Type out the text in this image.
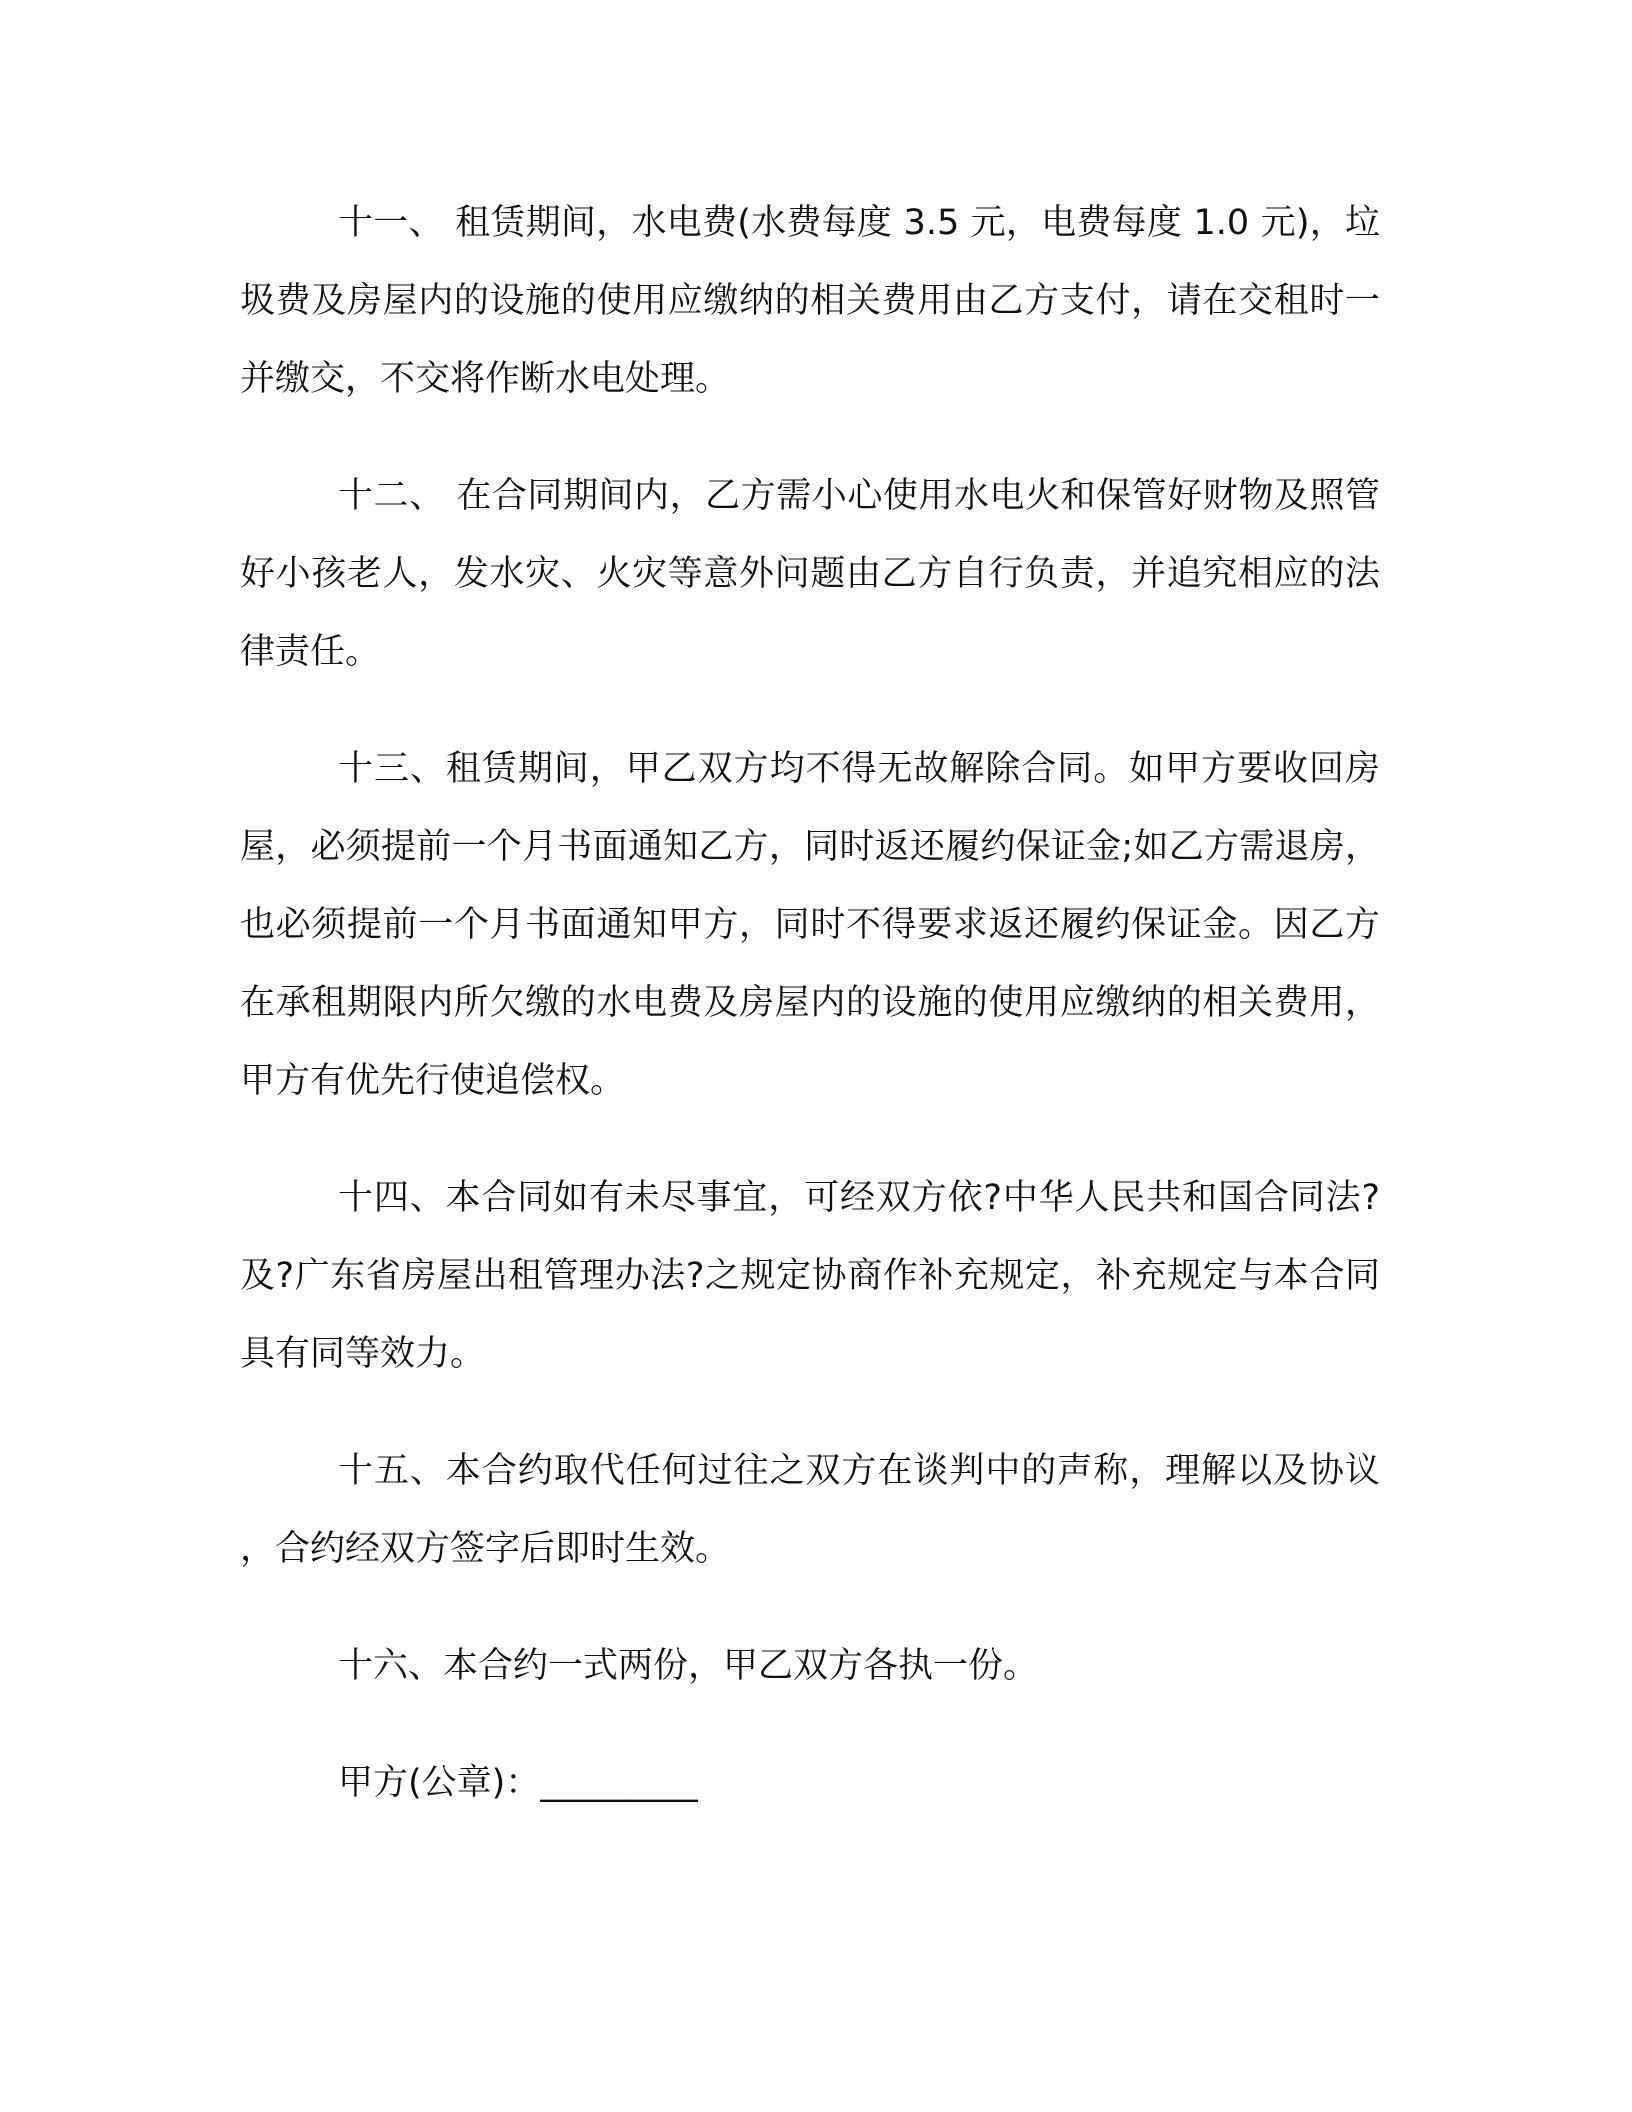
十一、 租赁期间，水电费(水费每度 3.5 元，电费每度 1.0 元)，垃圾费及房屋内的设施的使用应缴纳的相关费用由乙方支付，请在交租时一并缴交，不交将作断水电处理。

十二、 在合同期间内，乙方需小心使用水电火和保管好财物及照管好小孩老人，发水灾、火灾等意外问题由乙方自行负责，并追究相应的法律责任。

十三、租赁期间，甲乙双方均不得无故解除合同。如甲方要收回房屋，必须提前一个月书面通知乙方，同时返还履约保证金;如乙方需退房，也必须提前一个月书面通知甲方，同时不得要求返还履约保证金。因乙方在承租期限内所欠缴的水电费及房屋内的设施的使用应缴纳的相关费用，甲方有优先行使追偿权。

十四、本合同如有未尽事宜，可经双方依?中华人民共和国合同法?及?广东省房屋出租管理办法?之规定协商作补充规定，补充规定与本合同具有同等效力。

十五、本合约取代任何过往之双方在谈判中的声称，理解以及协议，合约经双方签字后即时生效。

十六、本合约一式两份，甲乙双方各执一份。

甲方(公章)：_________
